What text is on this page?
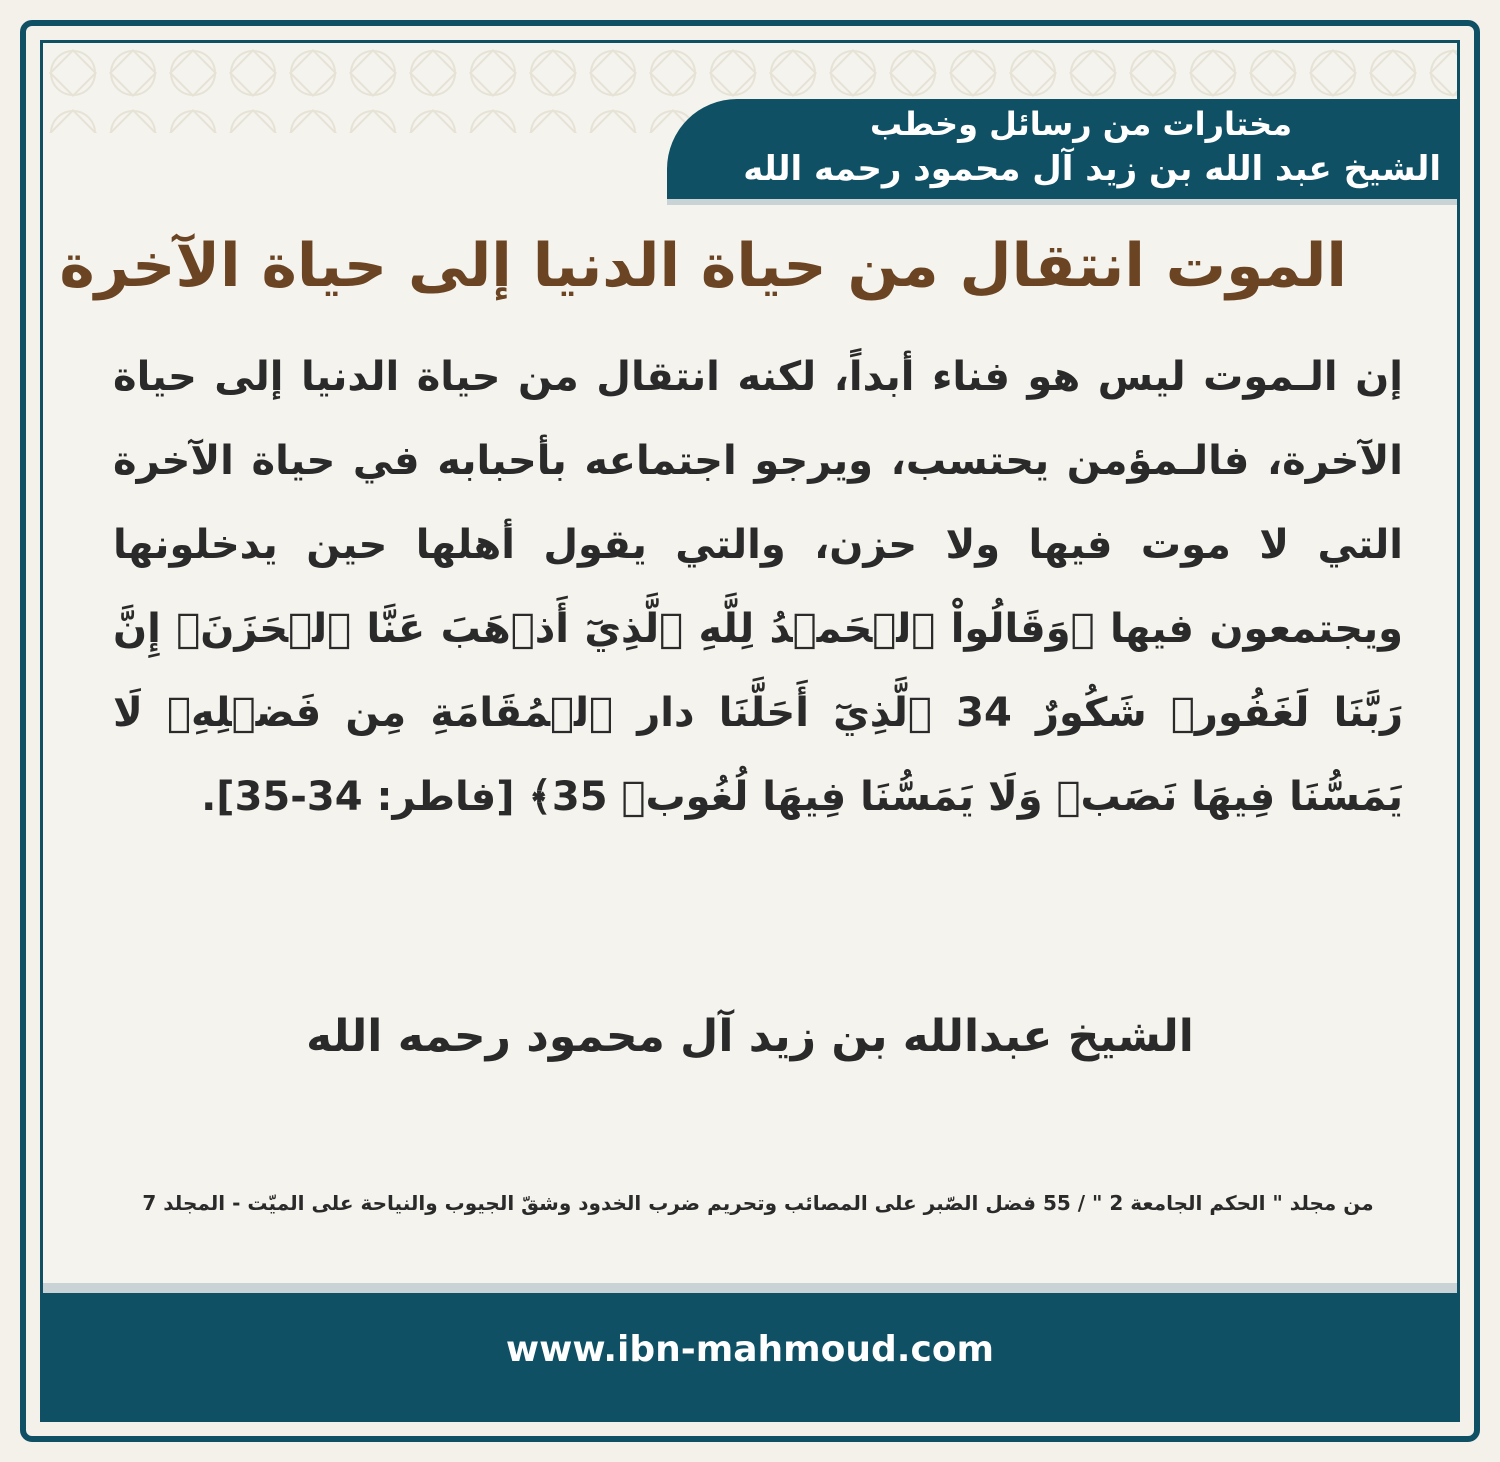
مختارات من رسائل وخطب
الشيخ عبد الله بن زيد آل محمود رحمه الله
الموت انتقال من حياة الدنيا إلى حياة الآخرة
إن الـموت ليس هو فناء أبداً، لكنه انتقال من حياة الدنيا إلى حياة الآخرة، فالـمؤمن يحتسب، ويرجو اجتماعه بأحبابه في حياة الآخرة التي لا موت فيها ولا حزن، والتي يقول أهلها حين يدخلونها ويجتمعون فيها ﴿وَقَالُواْ ٱلۡحَمۡدُ لِلَّهِ ٱلَّذِيٓ أَذۡهَبَ عَنَّا ٱلۡحَزَنَۖ إِنَّ رَبَّنَا لَغَفُورٞ شَكُورٌ 34 ٱلَّذِيٓ أَحَلَّنَا دار ٱلۡمُقَامَةِ مِن فَضۡلِهِۦ لَا يَمَسُّنَا فِيهَا نَصَبٞ وَلَا يَمَسُّنَا فِيهَا لُغُوبٞ 35﴾ [فاطر: 34-35].
الشيخ عبدالله بن زيد آل محمود رحمه الله
من مجلد " الحكم الجامعة 2 " / 55 فضل الصّبر على المصائب وتحريم ضرب الخدود وشقّ الجيوب والنياحة على الميّت - المجلد 7
www.ibn-mahmoud.com
